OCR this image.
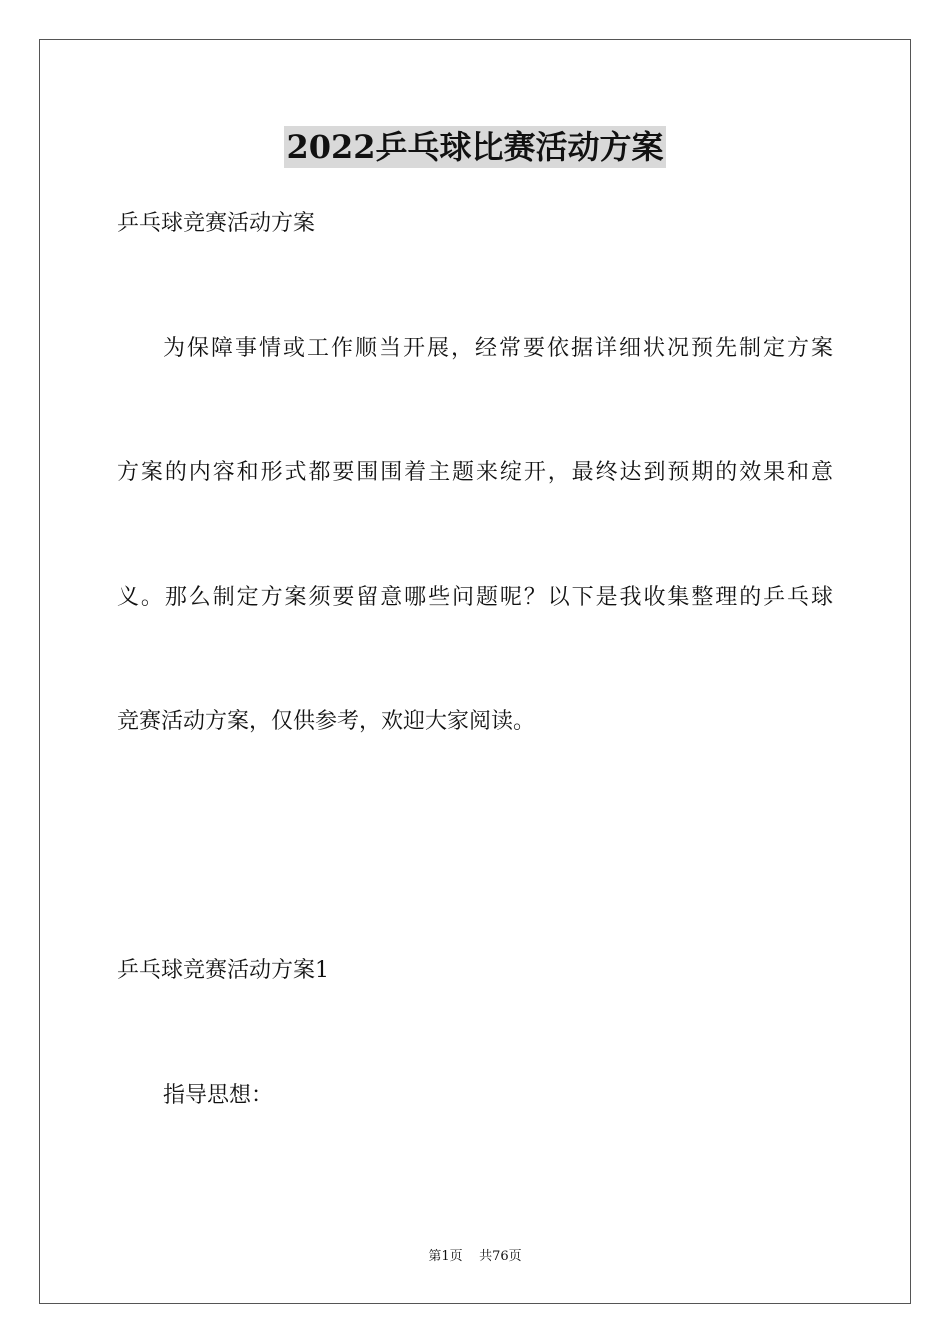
2022乒乓球比赛活动方案
乒乓球竞赛活动方案
为保障事情或工作顺当开展，经常要依据详细状况预先制定方案
方案的内容和形式都要围围着主题来绽开，最终达到预期的效果和意
义。那么制定方案须要留意哪些问题呢？以下是我收集整理的乒乓球
竞赛活动方案，仅供参考，欢迎大家阅读。
乒乓球竞赛活动方案1
指导思想：
第1页 共76页
